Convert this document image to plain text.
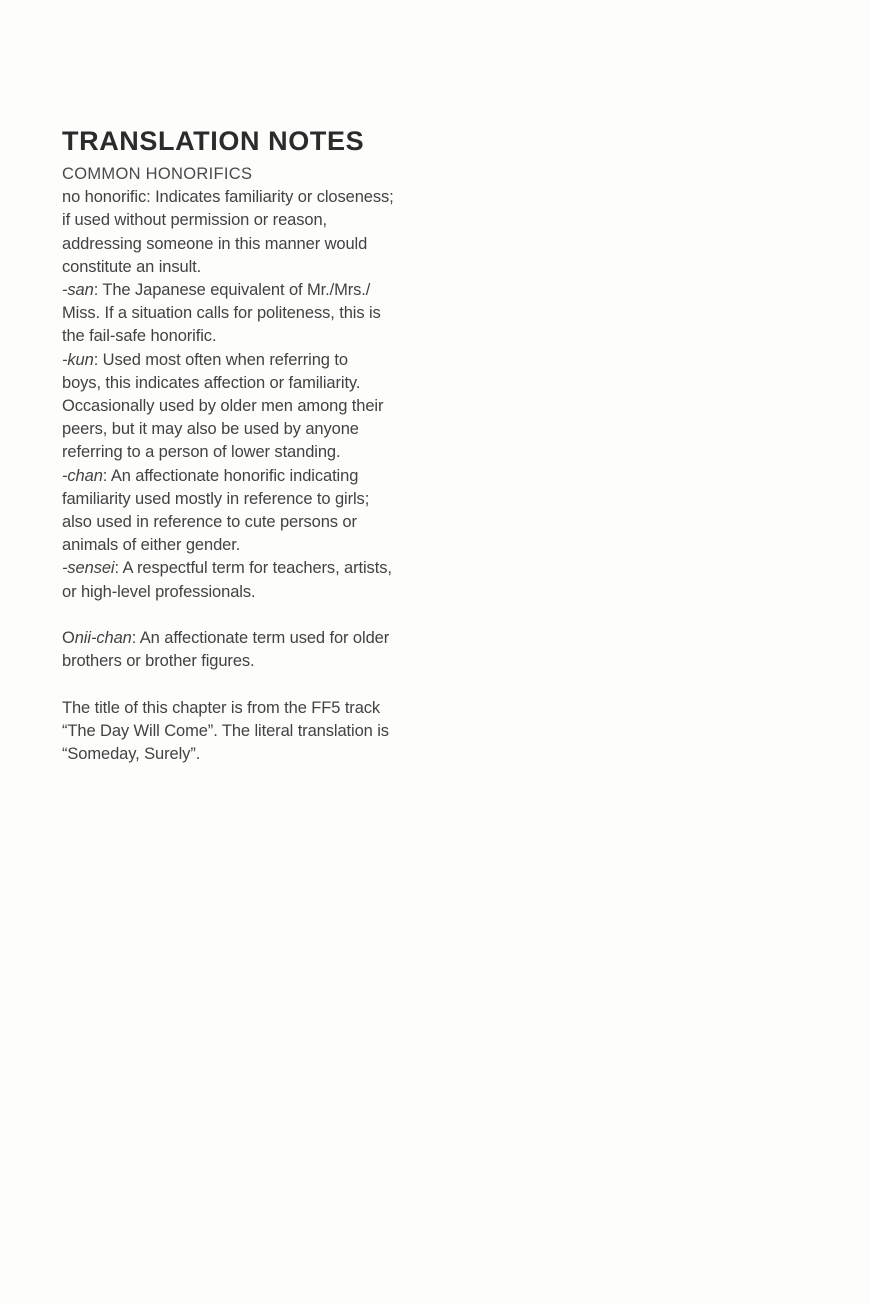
TRANSLATION NOTES
COMMON HONORIFICS
no honorific: Indicates familiarity or closeness;
if used without permission or reason,
addressing someone in this manner would
constitute an insult.
-san: The Japanese equivalent of Mr./Mrs./
Miss. If a situation calls for politeness, this is
the fail-safe honorific.
-kun: Used most often when referring to
boys, this indicates affection or familiarity.
Occasionally used by older men among their
peers, but it may also be used by anyone
referring to a person of lower standing.
-chan: An affectionate honorific indicating
familiarity used mostly in reference to girls;
also used in reference to cute persons or
animals of either gender.
-sensei: A respectful term for teachers, artists,
or high-level professionals.
Onii-chan: An affectionate term used for older
brothers or brother figures.
The title of this chapter is from the FF5 track
“The Day Will Come”. The literal translation is
“Someday, Surely”.
